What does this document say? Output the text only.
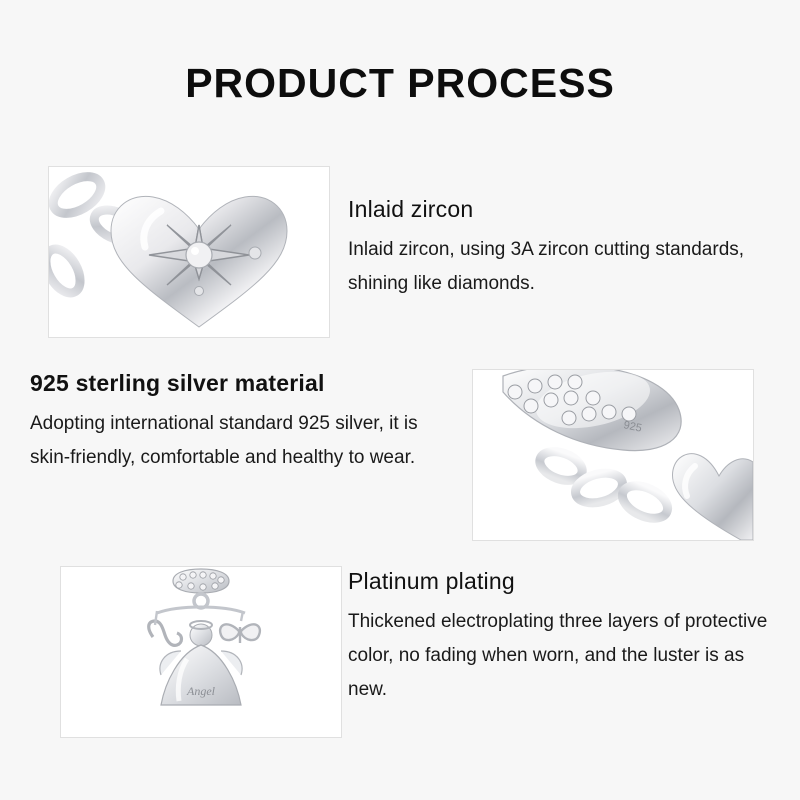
PRODUCT PROCESS

Inlaid zircon

Inlaid zircon, using 3A zircon cutting standards, shining like diamonds.

925

925 sterling silver material

Adopting international standard 925 silver, it is skin-friendly, comfortable and healthy to wear.

Angel

Platinum plating

Thickened electroplating three layers of protective color, no fading when worn, and the luster is as new.
